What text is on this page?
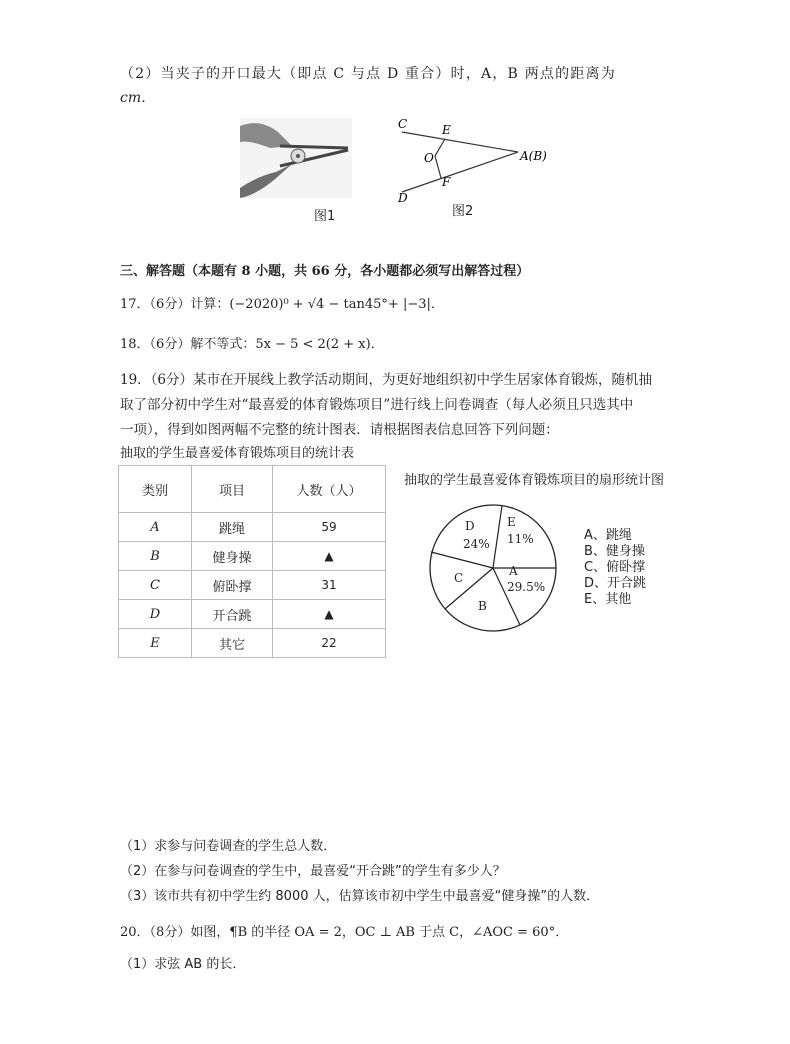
（2）当夹子的开口最大（即点 C 与点 D 重合）时，A，B 两点的距离为
cm．
图1
C	E
O	A(B)
F
D
图2
三、解答题（本题有 8 小题，共 66 分，各小题都必须写出解答过程）
17．（6分）计算：(−2020)⁰ + √4 − tan45°+ |−3|．
18．（6分）解不等式：5x − 5 < 2(2 + x)．
19．（6分）某市在开展线上教学活动期间，为更好地组织初中学生居家体育锻炼，随机抽
取了部分初中学生对“最喜爱的体育锻炼项目”进行线上问卷调查（每人必须且只选其中
一项），得到如图两幅不完整的统计图表．请根据图表信息回答下列问题：
抽取的学生最喜爱体育锻炼项目的统计表
类别	项目	人数（人）
A	跳绳	59
B	健身操	▲
C	俯卧撑	31
D	开合跳	▲
E	其它	22
抽取的学生最喜爱体育锻炼项目的扇形统计图
D
24%
E
11%
A
29.5%
C
B
A、跳绳
B、健身操
C、俯卧撑
D、开合跳
E、其他
（1）求参与问卷调查的学生总人数．
（2）在参与问卷调查的学生中，最喜爱“开合跳”的学生有多少人？
（3）该市共有初中学生约 8000 人，估算该市初中学生中最喜爱“健身操”的人数．
20．（8分）如图，¶B 的半径 OA = 2，OC ⊥ AB 于点 C，∠AOC = 60°．
（1）求弦 AB 的长．
